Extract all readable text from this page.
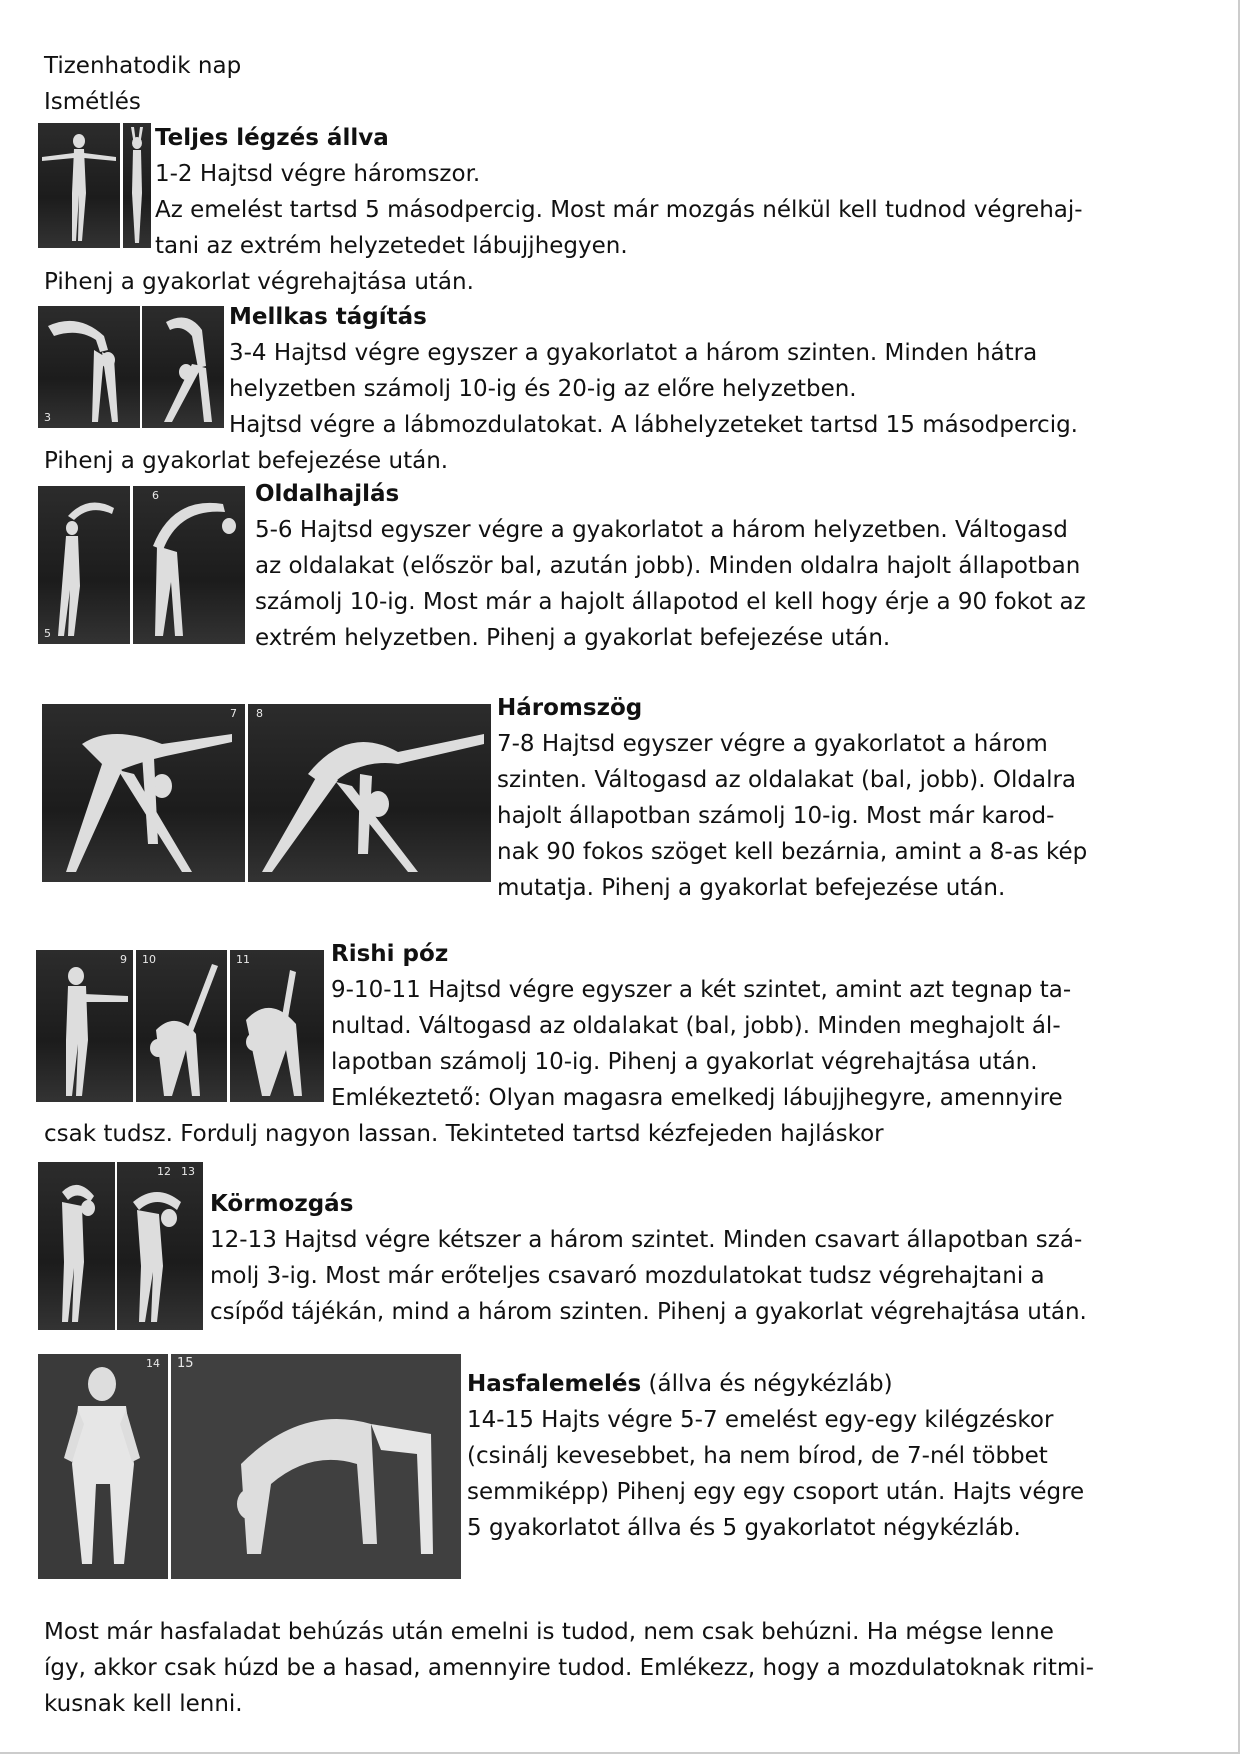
Tizenhatodik nap

Ismétlés

Teljes légzés állva

1-2 Hajtsd végre háromszor.

Az emelést tartsd 5 másodpercig. Most már mozgás nélkül kell tudnod végrehaj-

tani az extrém helyzetedet lábujjhegyen.

Pihenj a gyakorlat végrehajtása után.

3

Mellkas tágítás

3-4 Hajtsd végre egyszer a gyakorlatot a három szinten. Minden hátra

helyzetben számolj 10-ig és 20-ig az előre helyzetben.

Hajtsd végre a lábmozdulatokat. A lábhelyzeteket tartsd 15 másodpercig.

Pihenj a gyakorlat befejezése után.

5
6	Oldalhajlás

5-6 Hajtsd egyszer végre a gyakorlatot a három helyzetben. Váltogasd

az oldalakat (először bal, azután jobb). Minden oldalra hajolt állapotban

számolj 10-ig. Most már a hajolt állapotod el kell hogy érje a 90 fokot az

extrém helyzetben. Pihenj a gyakorlat befejezése után.

7 8	Háromszög

7-8 Hajtsd egyszer végre a gyakorlatot a három

szinten. Váltogasd az oldalakat (bal, jobb). Oldalra

hajolt állapotban számolj 10-ig. Most már karod-

nak 90 fokos szöget kell bezárnia, amint a 8-as kép

mutatja. Pihenj a gyakorlat befejezése után.

9 10	11	Rishi póz

9-10-11 Hajtsd végre egyszer a két szintet, amint azt tegnap ta-

nultad. Váltogasd az oldalakat (bal, jobb). Minden meghajolt ál-

lapotban számolj 10-ig. Pihenj a gyakorlat végrehajtása után.

Emlékeztető: Olyan magasra emelkedj lábujjhegyre, amennyire

csak tudsz. Fordulj nagyon lassan. Tekinteted tartsd kézfejeden hajláskor

12 13

Körmozgás

12-13 Hajtsd végre kétszer a három szintet. Minden csavart állapotban szá-

molj 3-ig. Most már erőteljes csavaró mozdulatokat tudsz végrehajtani a

csípőd tájékán, mind a három szinten. Pihenj a gyakorlat végrehajtása után.

14 15

Hasfalemelés (állva és négykézláb)

14-15 Hajts végre 5-7 emelést egy-egy kilégzéskor

(csinálj kevesebbet, ha nem bírod, de 7-nél többet

semmiképp) Pihenj egy egy csoport után. Hajts végre

5 gyakorlatot állva és 5 gyakorlatot négykézláb.

Most már hasfaladat behúzás után emelni is tudod, nem csak behúzni. Ha mégse lenne

így, akkor csak húzd be a hasad, amennyire tudod. Emlékezz, hogy a mozdulatoknak ritmi-

kusnak kell lenni.
